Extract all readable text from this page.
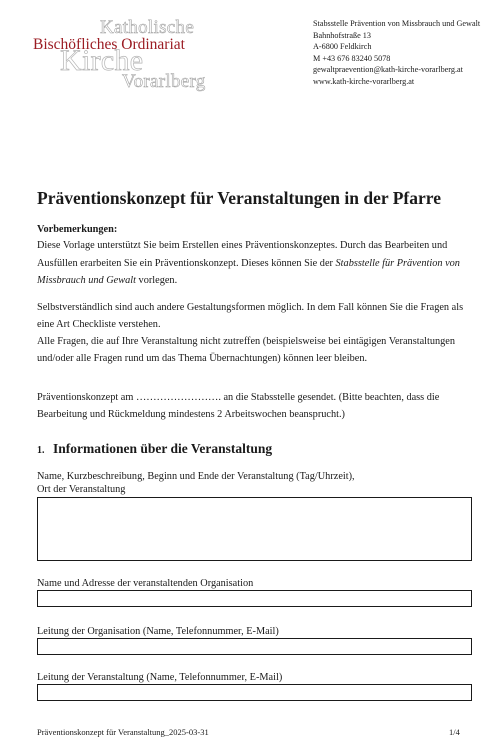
Katholische
Kirche
Vorarlberg
Bischöfliches Ordinariat
Stabsstelle Prävention von Missbrauch und Gewalt
Bahnhofstraße 13
A-6800 Feldkirch
M +43 676 83240 5078
gewaltpraevention@kath-kirche-vorarlberg.at
www.kath-kirche-vorarlberg.at
Präventionskonzept für Veranstaltungen in der Pfarre
Vorbemerkungen:
Diese Vorlage unterstützt Sie beim Erstellen eines Präventionskonzeptes. Durch das Bearbeiten und Ausfüllen erarbeiten Sie ein Präventionskonzept. Dieses können Sie der Stabsstelle für Prävention von Missbrauch und Gewalt vorlegen.
Selbstverständlich sind auch andere Gestaltungsformen möglich. In dem Fall können Sie die Fragen als eine Art Checkliste verstehen.
Alle Fragen, die auf Ihre Veranstaltung nicht zutreffen (beispielsweise bei eintägigen Veranstaltungen und/oder alle Fragen rund um das Thema Übernachtungen) können leer bleiben.
Präventionskonzept am ……………………. an die Stabsstelle gesendet. (Bitte beachten, dass die Bearbeitung und Rückmeldung mindestens 2 Arbeitswochen beansprucht.)
1. Informationen über die Veranstaltung
Name, Kurzbeschreibung, Beginn und Ende der Veranstaltung (Tag/Uhrzeit),
Ort der Veranstaltung
Name und Adresse der veranstaltenden Organisation
Leitung der Organisation (Name, Telefonnummer, E-Mail)
Leitung der Veranstaltung (Name, Telefonnummer, E-Mail)
Präventionskonzept für Veranstaltung_2025-03-31	1/4
